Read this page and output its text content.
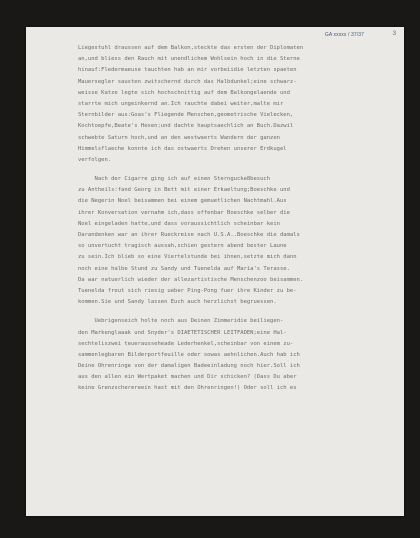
GA xxxxx / 37/37	3
Liegestuhl draussen auf dem Balkon,steckte das ersten der Diplomaten
an,und bliess den Rauch mit unendlichem Wohlsein hoch in die Sterne
hinauf:Fledermaeuse tauchten hab an mir vorbeiidie letzten spaeten
Mauersegler sausten zwitschernd durch das Halbdunkel;eine schwarz-
weisse Katze legte sich hochschnittig auf dem Balkongelaende und
starrte mich ungeinkernd an.Ich rauchte dabei weiter,malte mir
Sternbilder aus:Goas's Fliegende Menschen,geometrische Vielecken,
Kochtoepfe,Beate's Hexen;und dachte hauptsaechlich an Buch.Dazwil
schwebte Saturn hoch,und an den westwaerts Wandern der ganzen
Himmelsflaeche konnte ich das ostwaerts Drehen unserer Erdkugel
verfolgen.
Nach der Cigarre ging ich auf einen Sterngucke8besuch
zu Antheils:fand Georg in Bett mit einer Erkaeltung;Boeschke und
die Negerin Noel beisammen bei einem gemuetlichen Nachtmahl.Aus
ihrer Konversation vernahm ich,dass offenbar Boeschke selber die
Noel eingeladen hatte,und dass voraussichtlich scheinbar kein
Darandenken war an ihrer Rueckreise nach U.S.A..Boeschke die damals
so unvertucht tragisch aussah,schien gestern abend bester Laune
zu sein.Ich blieb so eine Viertelstunde bei ihnen,setzte mich dann
noch eine halbe Stund zu Sandy und Tuenelda auf Maria's Terasse.
Da war natuerlich wieder der allezartistische Menschenzoo beisammen.
Tuenelda freut sich riesig ueber Ping-Pong fuer ihre Kinder zu be-
kommen.Sie und Sandy lassen Euch auch herzlichst begruessen.
Uebrigenseich holte noch aus Deinen Zimmeridie beiliegen-
den Markenglaaak und Snyder's DIAETETISCHER LEITFADEN;eine Hal-
sechteliszwei teuerausseheade Lederhenkel,scheinbar von einem zu-
sammenlegbaren Bilderportfeuille oder sowas aehnlichen.Auch hab ich
Deine Ohrenringe von der damaligen Badeeinladung noch hier.Soll ich
aus den allen ein Wertpaket machen und Dir schicken? (Dass Du aber
keine Grenzscherereein hast mit den Ohrenringen!) Oder soll ich es
